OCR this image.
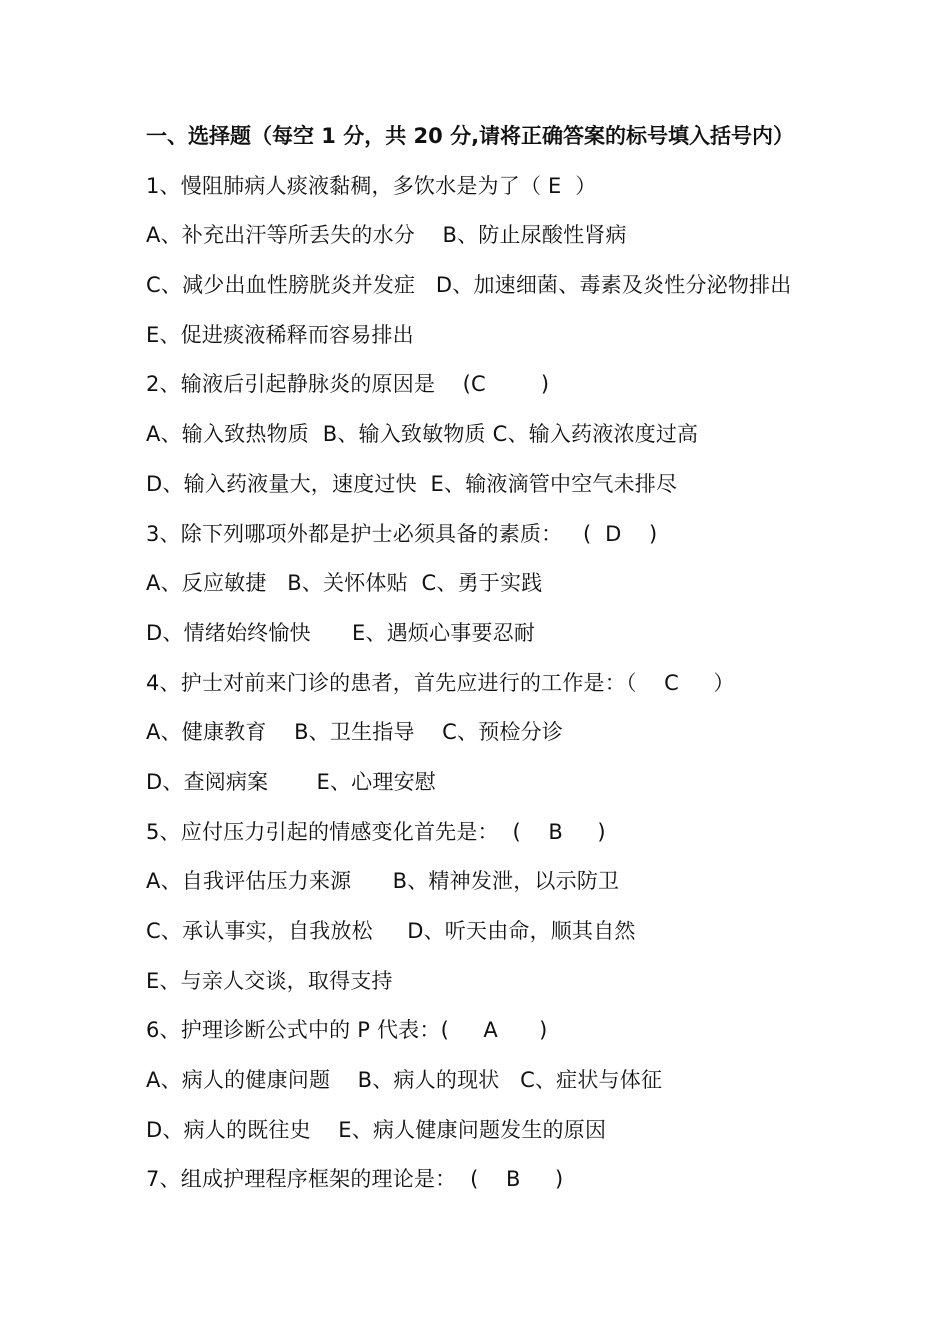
一、选择题（每空 1 分，共 20 分,请将正确答案的标号填入括号内）
1、慢阻肺病人痰液黏稠，多饮水是为了（ E  ）
A、补充出汗等所丢失的水分    B、防止尿酸性肾病
C、减少出血性膀胱炎并发症   D、加速细菌、毒素及炎性分泌物排出
E、促进痰液稀释而容易排出
2、输液后引起静脉炎的原因是    (C        )
A、输入致热物质  B、输入致敏物质 C、输入药液浓度过高
D、输入药液量大，速度过快  E、输液滴管中空气未排尽
3、除下列哪项外都是护士必须具备的素质：   (  D    )
A、反应敏捷   B、关怀体贴  C、勇于实践
D、情绪始终愉快      E、遇烦心事要忍耐
4、护士对前来门诊的患者，首先应进行的工作是：（    C     ）
A、健康教育    B、卫生指导    C、预检分诊
D、查阅病案       E、心理安慰
5、应付压力引起的情感变化首先是：  (    B     )
A、自我评估压力来源      B、精神发泄，以示防卫
C、承认事实，自我放松     D、听天由命，顺其自然
E、与亲人交谈，取得支持
6、护理诊断公式中的 P 代表：(     A      )
A、病人的健康问题    B、病人的现状   C、症状与体征
D、病人的既往史    E、病人健康问题发生的原因
7、组成护理程序框架的理论是：  (    B     )
